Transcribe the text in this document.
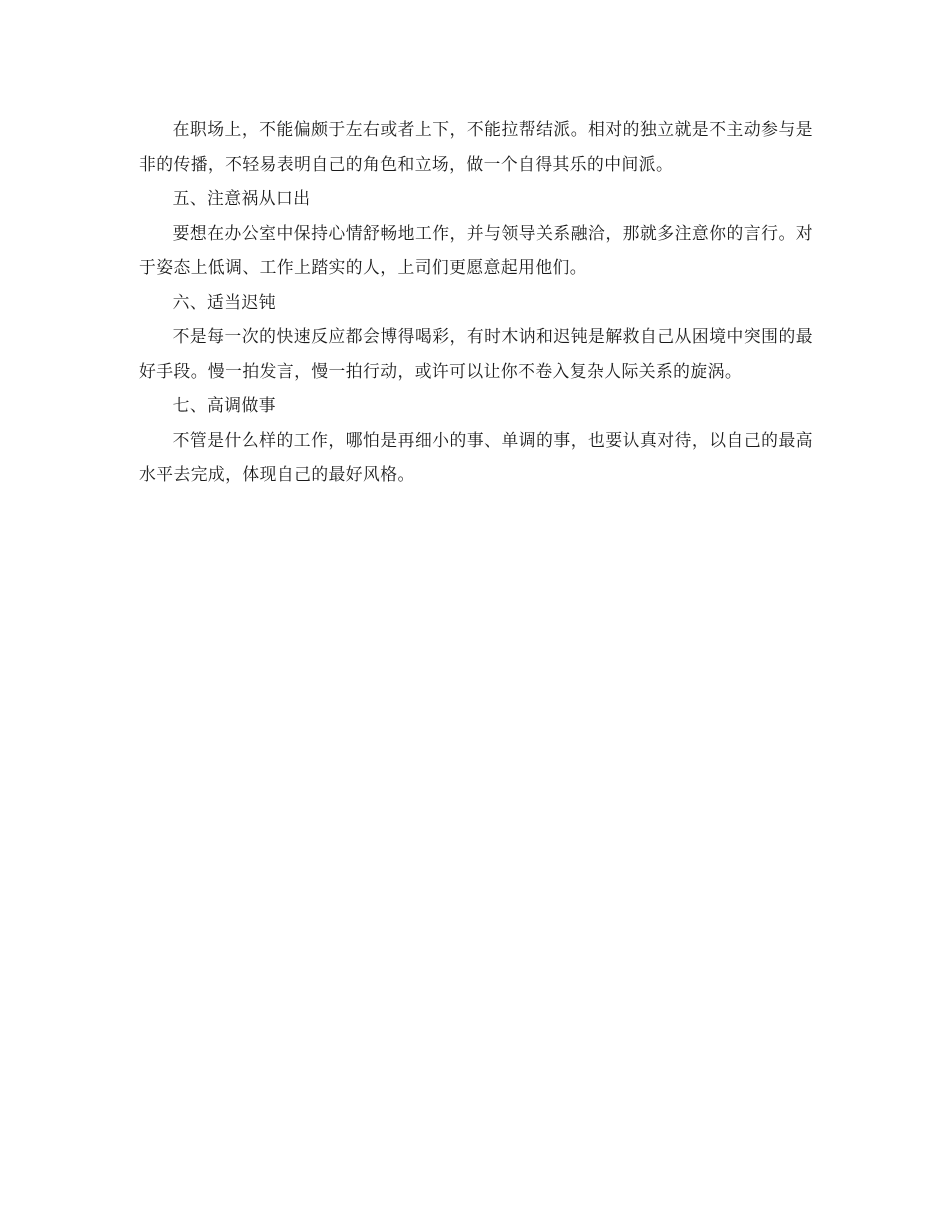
在职场上，不能偏颇于左右或者上下，不能拉帮结派。相对的独立就是不主动参与是非的传播，不轻易表明自己的角色和立场，做一个自得其乐的中间派。

五、注意祸从口出

要想在办公室中保持心情舒畅地工作，并与领导关系融洽，那就多注意你的言行。对于姿态上低调、工作上踏实的人，上司们更愿意起用他们。

六、适当迟钝

不是每一次的快速反应都会博得喝彩，有时木讷和迟钝是解救自己从困境中突围的最好手段。慢一拍发言，慢一拍行动，或许可以让你不卷入复杂人际关系的旋涡。

七、高调做事

不管是什么样的工作，哪怕是再细小的事、单调的事，也要认真对待，以自己的最高水平去完成，体现自己的最好风格。
